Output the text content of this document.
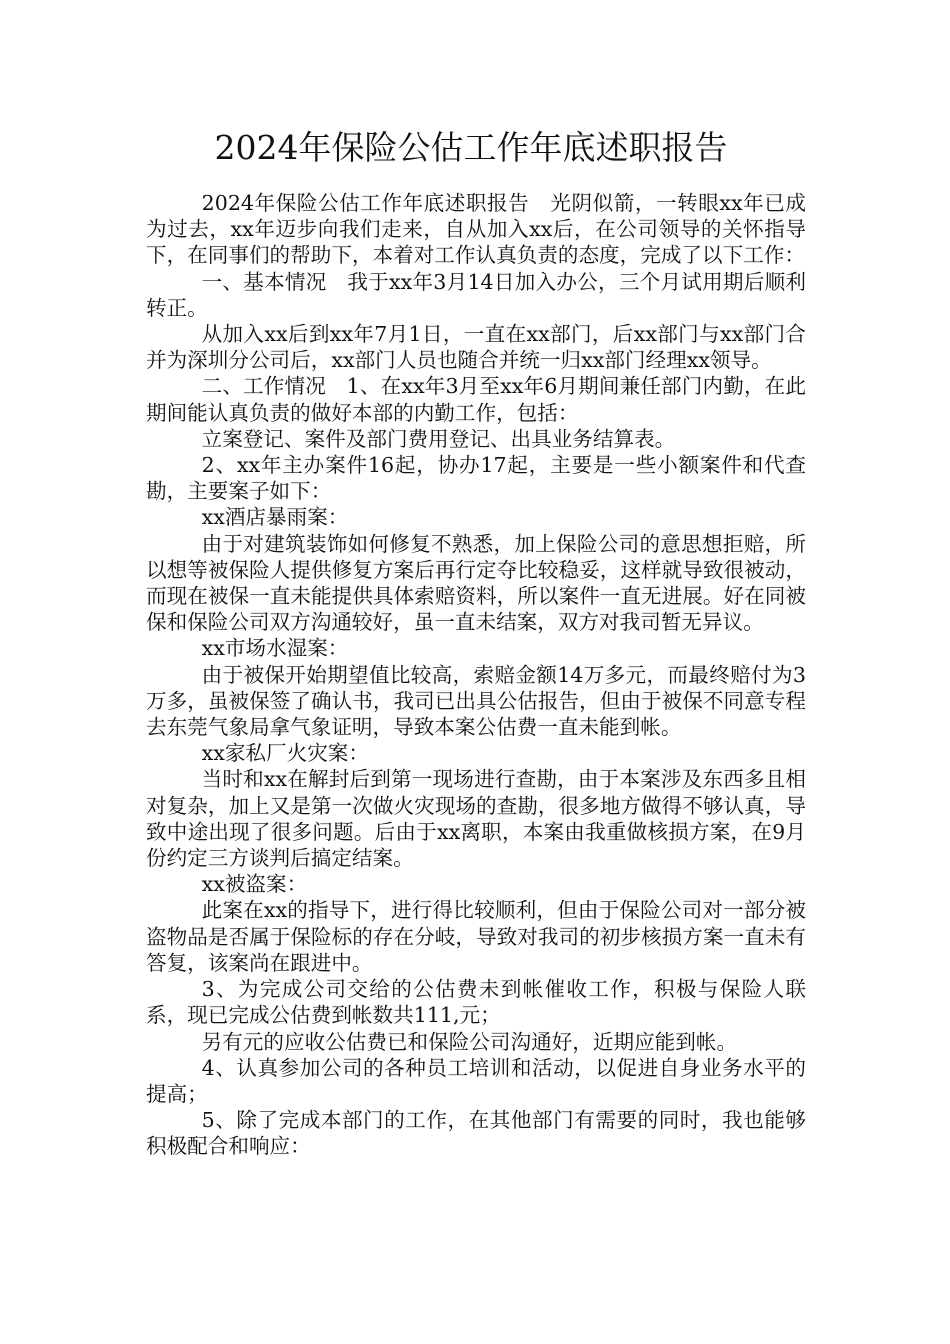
2024年保险公估工作年底述职报告

2024年保险公估工作年底述职报告　光阴似箭，一转眼xx年已成为过去，xx年迈步向我们走来，自从加入xx后，在公司领导的关怀指导下，在同事们的帮助下，本着对工作认真负责的态度，完成了以下工作：

一、基本情况　我于xx年3月14日加入办公，三个月试用期后顺利转正。

从加入xx后到xx年7月1日，一直在xx部门，后xx部门与xx部门合并为深圳分公司后，xx部门人员也随合并统一归xx部门经理xx领导。

二、工作情况　1、在xx年3月至xx年6月期间兼任部门内勤，在此期间能认真负责的做好本部的内勤工作，包括：

立案登记、案件及部门费用登记、出具业务结算表。

2、xx年主办案件16起，协办17起，主要是一些小额案件和代查勘，主要案子如下：

xx酒店暴雨案：

由于对建筑装饰如何修复不熟悉，加上保险公司的意思想拒赔，所以想等被保险人提供修复方案后再行定夺比较稳妥，这样就导致很被动，而现在被保一直未能提供具体索赔资料，所以案件一直无进展。好在同被保和保险公司双方沟通较好，虽一直未结案，双方对我司暂无异议。

xx市场水湿案：

由于被保开始期望值比较高，索赔金额14万多元，而最终赔付为3万多，虽被保签了确认书，我司已出具公估报告，但由于被保不同意专程去东莞气象局拿气象证明，导致本案公估费一直未能到帐。

xx家私厂火灾案：

当时和xx在解封后到第一现场进行查勘，由于本案涉及东西多且相对复杂，加上又是第一次做火灾现场的查勘，很多地方做得不够认真，导致中途出现了很多问题。后由于xx离职，本案由我重做核损方案，在9月份约定三方谈判后搞定结案。

xx被盗案：

此案在xx的指导下，进行得比较顺利，但由于保险公司对一部分被盗物品是否属于保险标的存在分岐，导致对我司的初步核损方案一直未有答复，该案尚在跟进中。

3、为完成公司交给的公估费未到帐催收工作，积极与保险人联系，现已完成公估费到帐数共111,元；

另有元的应收公估费已和保险公司沟通好，近期应能到帐。

4、认真参加公司的各种员工培训和活动，以促进自身业务水平的提高；

5、除了完成本部门的工作，在其他部门有需要的同时，我也能够积极配合和响应：
